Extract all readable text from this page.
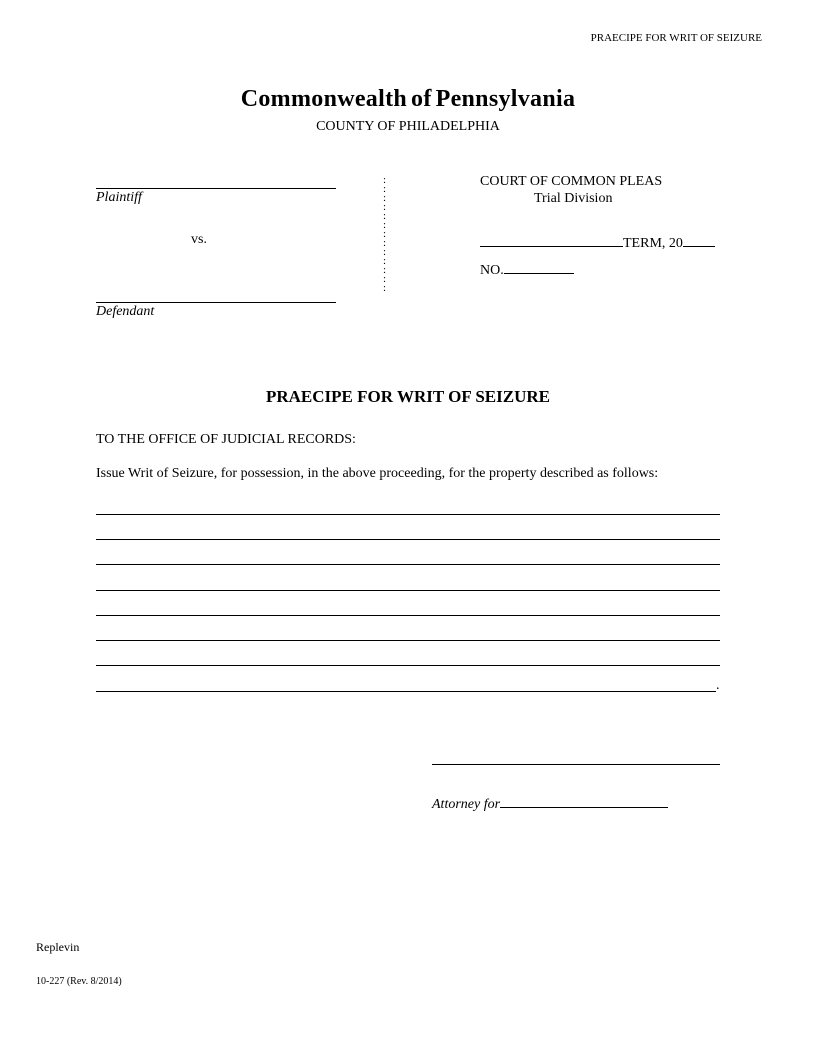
PRAECIPE FOR WRIT OF SEIZURE
Commonwealth of Pennsylvania
COUNTY OF PHILADELPHIA
Plaintiff
vs.
Defendant
:
:
:
:
:
:
:
:
:
:
:
:
:
COURT OF COMMON PLEAS
Trial Division
TERM, 20
NO.
PRAECIPE FOR WRIT OF SEIZURE
TO THE OFFICE OF JUDICIAL RECORDS:
Issue Writ of Seizure, for possession, in the above proceeding, for the property described as follows:
.
Attorney for
Replevin
10-227 (Rev. 8/2014)
